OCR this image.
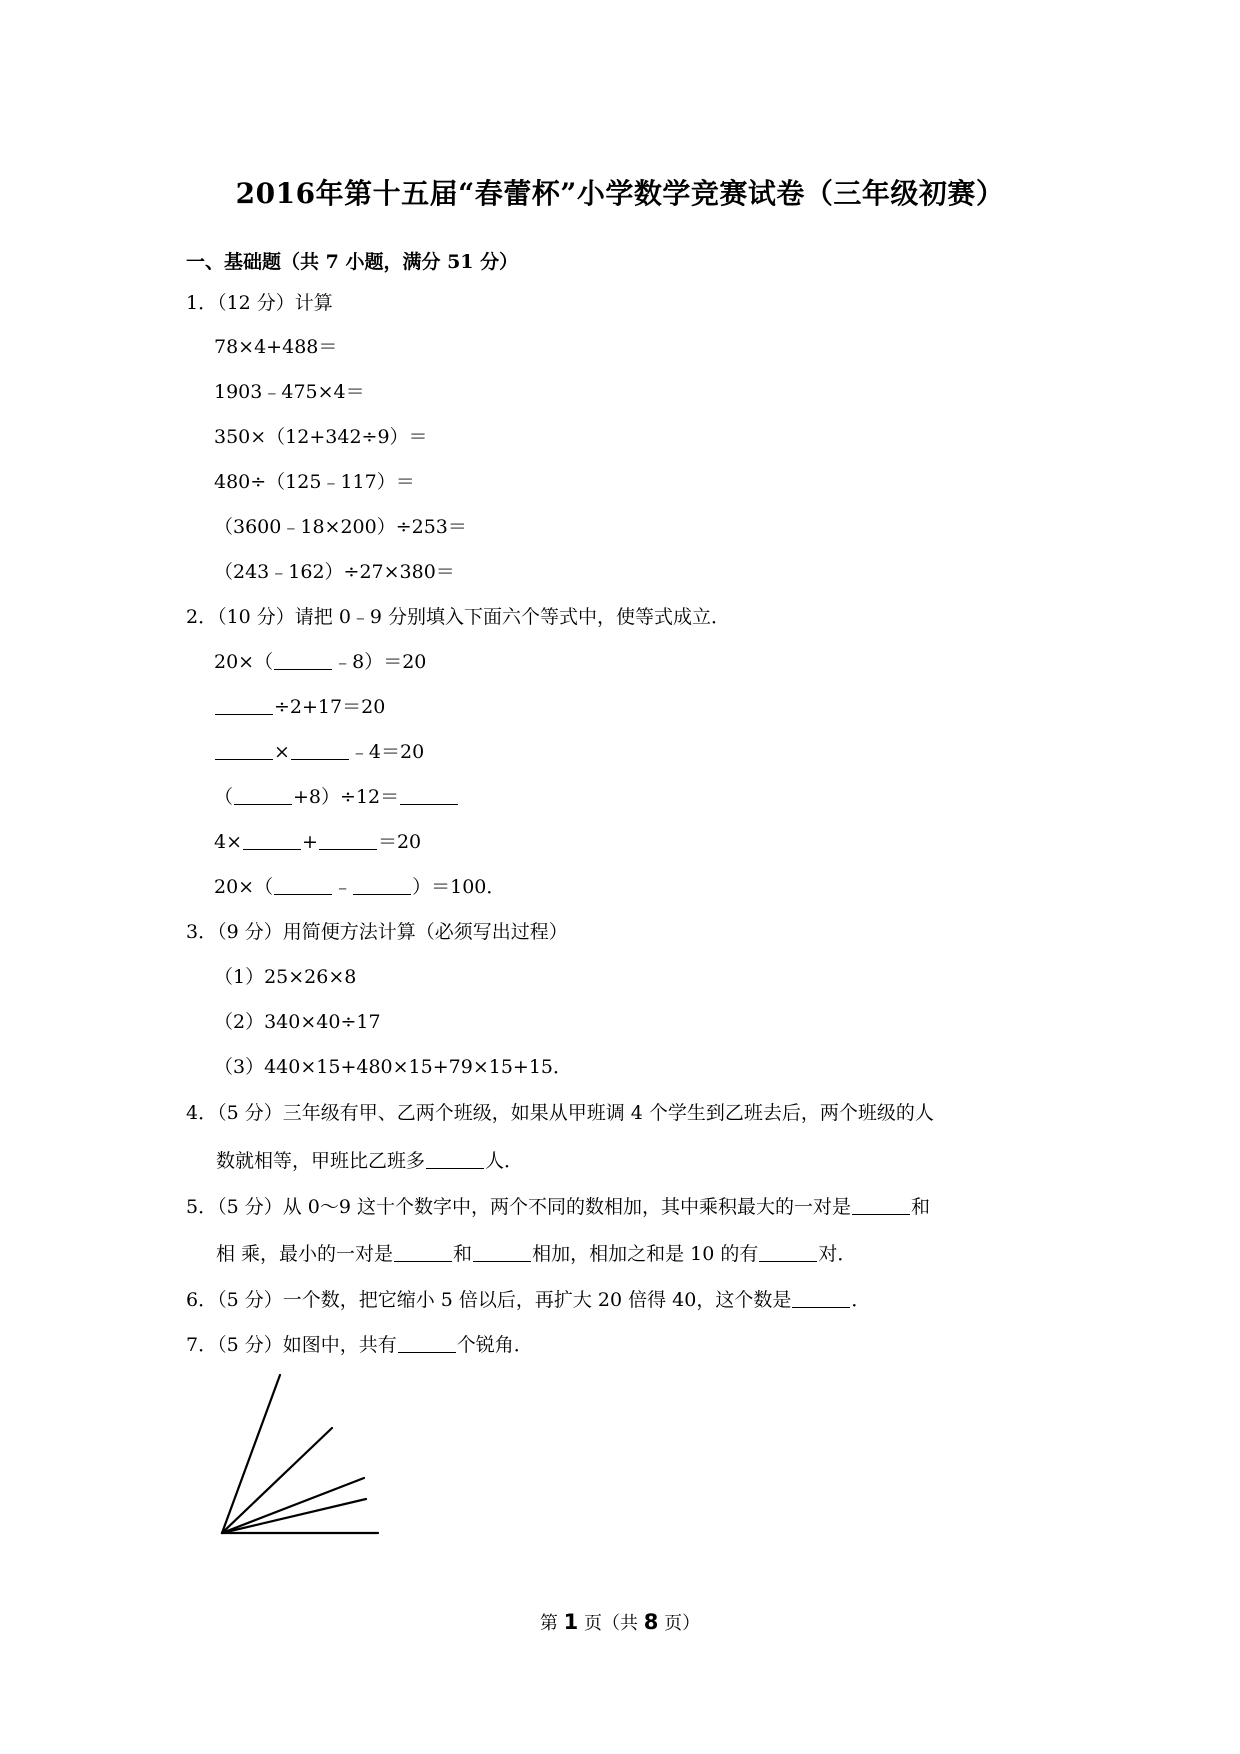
2016年第十五届“春蕾杯”小学数学竞赛试卷（三年级初赛）
一、基础题（共 7 小题，满分 51 分）
1．（12 分）计算
78×4+488＝
1903﹣475×4＝
350×（12+342÷9）＝
480÷（125﹣117）＝
（3600﹣18×200）÷253＝
（243﹣162）÷27×380＝
2．（10 分）请把 0﹣9 分别填入下面六个等式中，使等式成立．
20×（	﹣8）＝20
÷2+17＝20
×	﹣4＝20
（	+8）÷12＝
4×	+	＝20
20×（	﹣	）＝100．
3．（9 分）用简便方法计算（必须写出过程）
（1）25×26×8
（2）340×40÷17
（3）440×15+480×15+79×15+15．
4．（5 分）三年级有甲、乙两个班级，如果从甲班调 4 个学生到乙班去后，两个班级的人
数就相等，甲班比乙班多	人．
5．（5 分）从 0～9 这十个数字中，两个不同的数相加，其中乘积最大的一对是	和
相 乘，最小的一对是	和	相加，相加之和是 10 的有	对．
6．（5 分）一个数，把它缩小 5 倍以后，再扩大 20 倍得 40，这个数是	．
7．（5 分）如图中，共有	个锐角．
第 1 页（共 8 页）
